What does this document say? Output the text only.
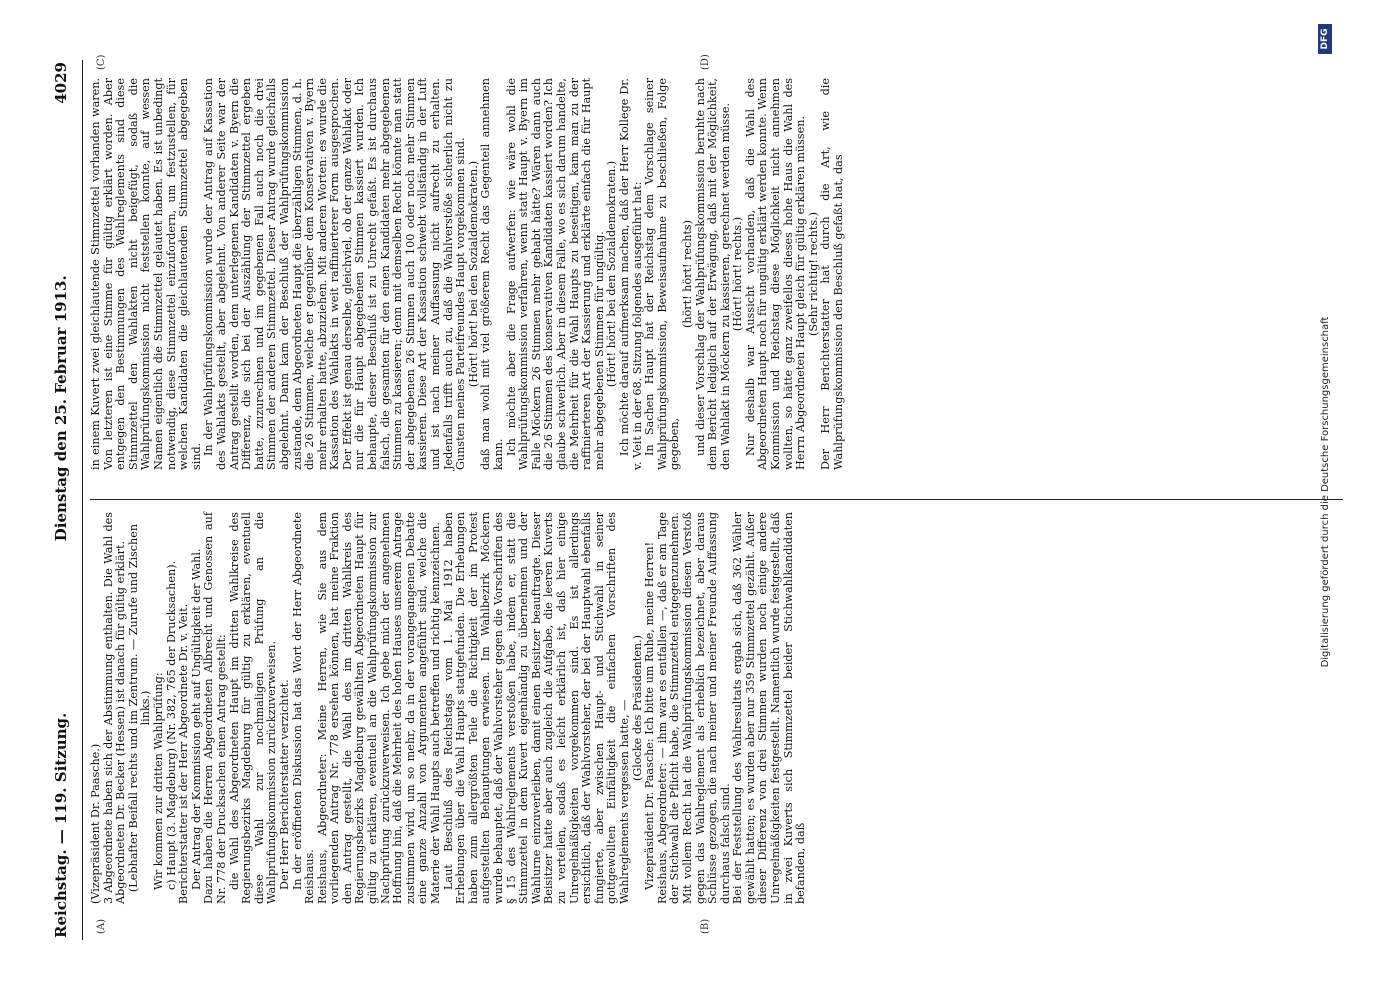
Reichstag. — 119. Sitzung.
Dienstag den 25. Februar 1913.
4029
(A)	(B)
(C)	(D)

(Vizepräsident Dr. Paasche.) 3 Abgeordnete haben sich der Abstimmung enthalten. Die Wahl des Abgeordneten Dr. Becker (Hessen) ist danach für gültig erklärt. (Lebhafter Beifall rechts und im Zentrum. — Zurufe und Zischen links.) Wir kommen zur dritten Wahlprüfung: c) Haupt (3. Magdeburg) (Nr. 382, 765 der Drucksachen). Berichterstatter ist der Herr Abgeordnete Dr. v. Veit. Der Antrag der Kommission geht auf Ungültigkeit der Wahl. Dazu haben die Herren Abgeordneten Albrecht und Genossen auf Nr. 778 der Drucksachen einen Antrag gestellt: die Wahl des Abgeordneten Haupt im dritten Wahlkreise des Regierungsbezirks Magdeburg für gültig zu erklären, eventuell diese Wahl zur nochmaligen Prüfung an die Wahlprüfungskommission zurückzuverweisen. Der Herr Berichterstatter verzichtet. In der eröffneten Diskussion hat das Wort der Herr Abgeordnete Reishaus. Reishaus, Abgeordneter: Meine Herren, wie Sie aus dem vorliegenden Antrag Nr. 778 ersehen können, hat meine Fraktion den Antrag gestellt, die Wahl des im dritten Wahlkreis des Regierungsbezirks Magdeburg gewählten Abgeordneten Haupt für gültig zu erklären, eventuell an die Wahlprüfungskommission zur Nachprüfung zurückzuverweisen. Ich gebe mich der angenehmen Hoffnung hin, daß die Mehrheit des hohen Hauses unserem Antrage zustimmen wird, um so mehr, da in der vorangegangenen Debatte eine ganze Anzahl von Argumenten angeführt sind, welche die Materie der Wahl Haupts auch betreffen und richtig kennzeichnen. Laut Beschluß des Reichstags vom 1. Mai 1912 haben Erhebungen über die Wahl Haupts stattgefunden. Die Erhebungen haben zum allergrößten Teile die Richtigkeit der im Protest aufgestellten Behauptungen erwiesen. Im Wahlbezirk Möckern wurde behauptet, daß der Wahlvorsteher gegen die Vorschriften des § 15 des Wahlreglements verstoßen habe, indem er, statt die Stimmzettel in dem Kuvert eigenhändig zu übernehmen und der Wahlurne einzuverleiben, damit einen Beisitzer beauftragte. Dieser Beisitzer hatte aber auch zugleich die Aufgabe, die leeren Kuverts zu verteilen, sodaß es leicht erklärlich ist, daß hier einige Unregelmäßigkeiten vorgekommen sind. Es ist allerdings ersichtlich, daß der Wahlvorsteher, der bei der Hauptwahl ebenfalls fungierte, aber zwischen Haupt- und Stichwahl in seiner gottgewollten Einfältigkeit die einfachen Vorschriften des Wahlreglements vergessen hatte, — (Glocke des Präsidenten.) Vizepräsident Dr. Paasche: Ich bitte um Ruhe, meine Herren! Reishaus, Abgeordneter: — ihm war es entfallen —, daß er am Tage der Stichwahl die Pflicht habe, die Stimmzettel entgegenzunehmen. Mit vollem Recht hat die Wahlprüfungskommission diesen Verstoß gegen das Wahlreglement als erheblich bezeichnet, aber daraus Schlüsse gezogen, die nach meiner und meiner Freunde Auffassung durchaus falsch sind. Bei der Feststellung des Wahlresultats ergab sich, daß 362 Wähler gewählt hatten; es wurden aber nur 359 Stimmzettel gezählt. Außer dieser Differenz von drei Stimmen wurden noch einige andere Unregelmäßigkeiten festgestellt. Namentlich wurde festgestellt, daß in zwei Kuverts sich Stimmzettel beider Stichwahlkandidaten befanden, daß

in einem Kuvert zwei gleichlautende Stimmzettel vorhanden waren. Von letzteren ist eine Stimme für gültig erklärt worden. Aber entgegen den Bestimmungen des Wahlreglements sind diese Stimmzettel den Wahlakten nicht beigefügt, sodaß die Wahlprüfungskommission nicht feststellen konnte, auf wessen Namen eigentlich die Stimmzettel gelautet haben. Es ist unbedingt notwendig, diese Stimmzettel einzufordern, um festzustellen, für welchen Kandidaten die gleichlautenden Stimmzettel abgegeben sind.

In der Wahlprüfungskommission wurde der Antrag auf Kassation des Wahlakts gestellt, aber abgelehnt. Von anderer Seite war der Antrag gestellt worden, dem unterlegenen Kandidaten v. Byern die Differenz, die sich bei der Auszählung der Stimmzettel ergeben hatte, zuzurechnen und im gegebenen Fall auch noch die drei Stimmen der anderen Stimmzettel. Dieser Antrag wurde gleichfalls abgelehnt. Dann kam der Beschluß der Wahlprüfungskommission zustande, dem Abgeordneten Haupt die überzähligen Stimmen, d. h. die 26 Stimmen, welche er gegenüber dem Konservativen v. Byern mehr erhalten hatte, abzuziehen. Mit anderen Worten: es wurde die Kassation des Wahlakts in weit raffinierterer Form ausgesprochen. Der Effekt ist genau derselbe, gleichviel, ob der ganze Wahlakt oder nur die für Haupt abgegebenen Stimmen kassiert wurden. Ich behaupte, dieser Beschluß ist zu Unrecht gefaßt. Es ist durchaus falsch, die gesamten für den einen Kandidaten mehr abgegebenen Stimmen zu kassieren; denn mit demselben Recht könnte man statt der abgegebenen 26 Stimmen auch 100 oder noch mehr Stimmen kassieren. Diese Art der Kassation schwebt vollständig in der Luft und ist nach meiner Auffassung nicht aufrecht zu erhalten. Jedenfalls trifft auch zu, daß die Wahlverstöße sicherlich nicht zu Gunsten meines Parteifreundes Haupt vorgekommen sind. (Hört! hört! bei den Sozialdemokraten.) daß man wohl mit viel größerem Recht das Gegenteil annehmen kann. Ich möchte aber die Frage aufwerfen: wie wäre wohl die Wahlprüfungskommission verfahren, wenn statt Haupt v. Byern im Falle Möckern 26 Stimmen mehr gehabt hätte? Wären dann auch die 26 Stimmen des konservativen Kandidaten kassiert worden? Ich glaube schwerlich. Aber in diesem Falle, wo es sich darum handelte, die Mehrheit für die Wahl Haupts zu beseitigen, kam man zu der raffinierteren Art der Kassierung und erklärte einfach die für Haupt mehr abgegebenen Stimmen für ungültig. (Hört! hört! bei den Sozialdemokraten.) Ich möchte darauf aufmerksam machen, daß der Herr Kollege Dr. v. Veit in der 68. Sitzung folgendes ausgeführt hat: In Sachen Haupt hat der Reichstag dem Vorschlage seiner Wahlprüfungskommission, Beweisaufnahme zu beschließen, Folge gegeben,

(hört! hört! rechts) und dieser Vorschlag der Wahlprüfungskommission beruhte nach dem Bericht lediglich auf der Erwägung, daß mit der Möglichkeit, den Wahlakt in Möckern zu kassieren, gerechnet werden müsse. (Hört! hört! rechts.) Nur deshalb war Aussicht vorhanden, daß die Wahl des Abgeordneten Haupt noch für ungültig erklärt werden konnte. Wenn Kommission und Reichstag diese Möglichkeit nicht annehmen wollten, so hätte ganz zweifellos dieses hohe Haus die Wahl des Herrn Abgeordneten Haupt gleich für gültig erklären müssen. (Sehr richtig! rechts.) Der Herr Berichterstatter hat durch die Art, wie die Wahlprüfungskommission den Beschluß gefaßt hat, das

Digitalisierung gefördert durch die Deutsche Forschungsgemeinschaft
DFG
